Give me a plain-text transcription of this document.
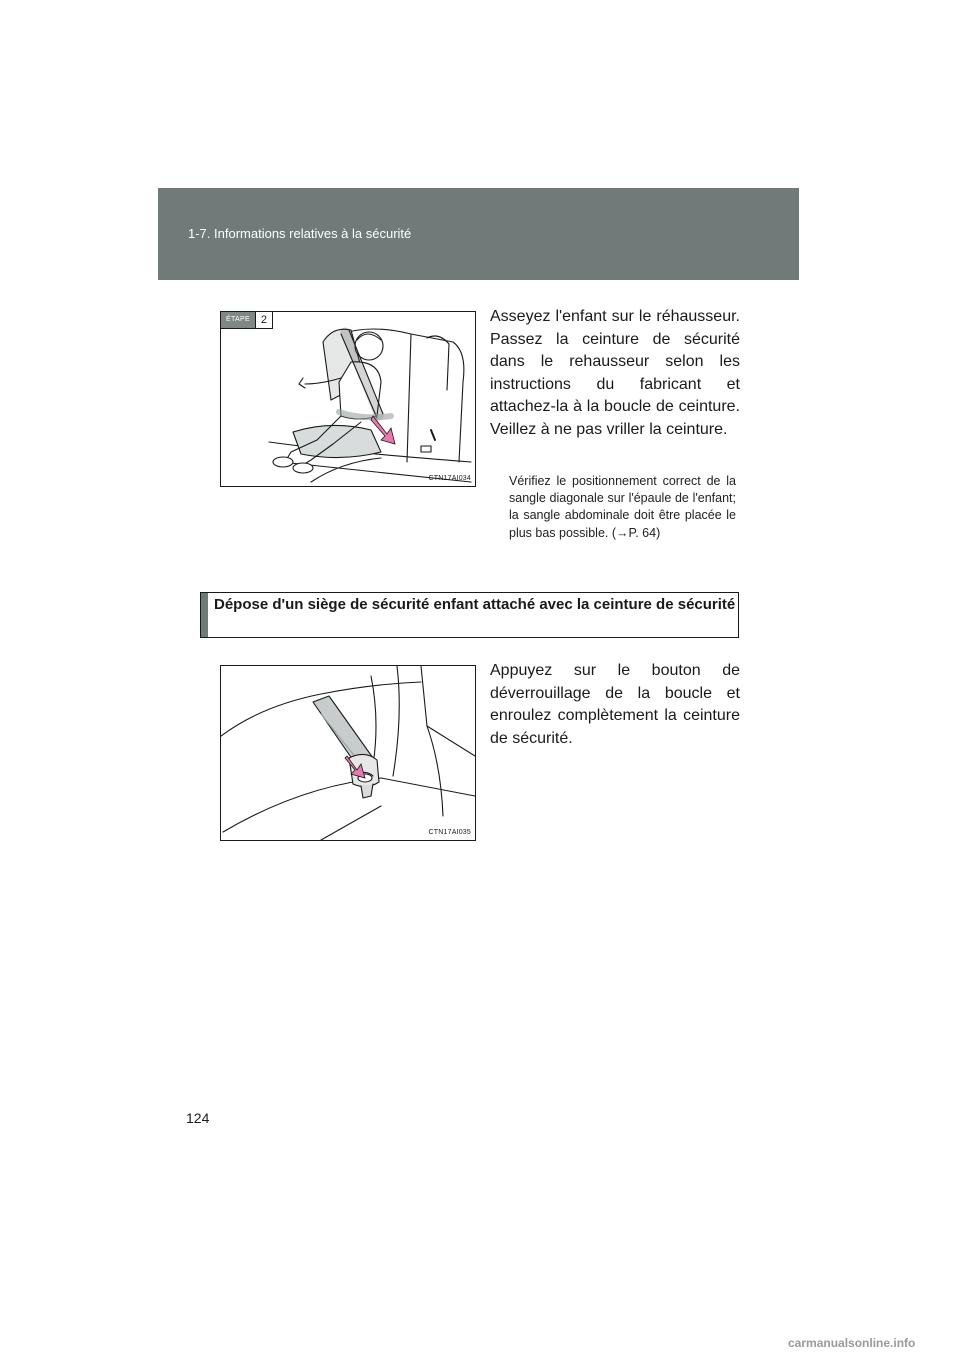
1-7. Informations relatives à la sécurité
ÉTAPE 2
CTN17AI034
Asseyez l'enfant sur le réhausseur. Passez la ceinture de sécurité dans le rehausseur selon les instructions du fabricant et attachez-la à la boucle de ceinture. Veillez à ne pas vriller la ceinture.
Vérifiez le positionnement correct de la sangle diagonale sur l'épaule de l'enfant; la sangle abdominale doit être placée le plus bas possible. (→P. 64)
Dépose d'un siège de sécurité enfant attaché avec la ceinture de sécurité
CTN17AI035
Appuyez sur le bouton de déverrouillage de la boucle et enroulez complètement la ceinture de sécurité.
124
carmanualsonline.info
